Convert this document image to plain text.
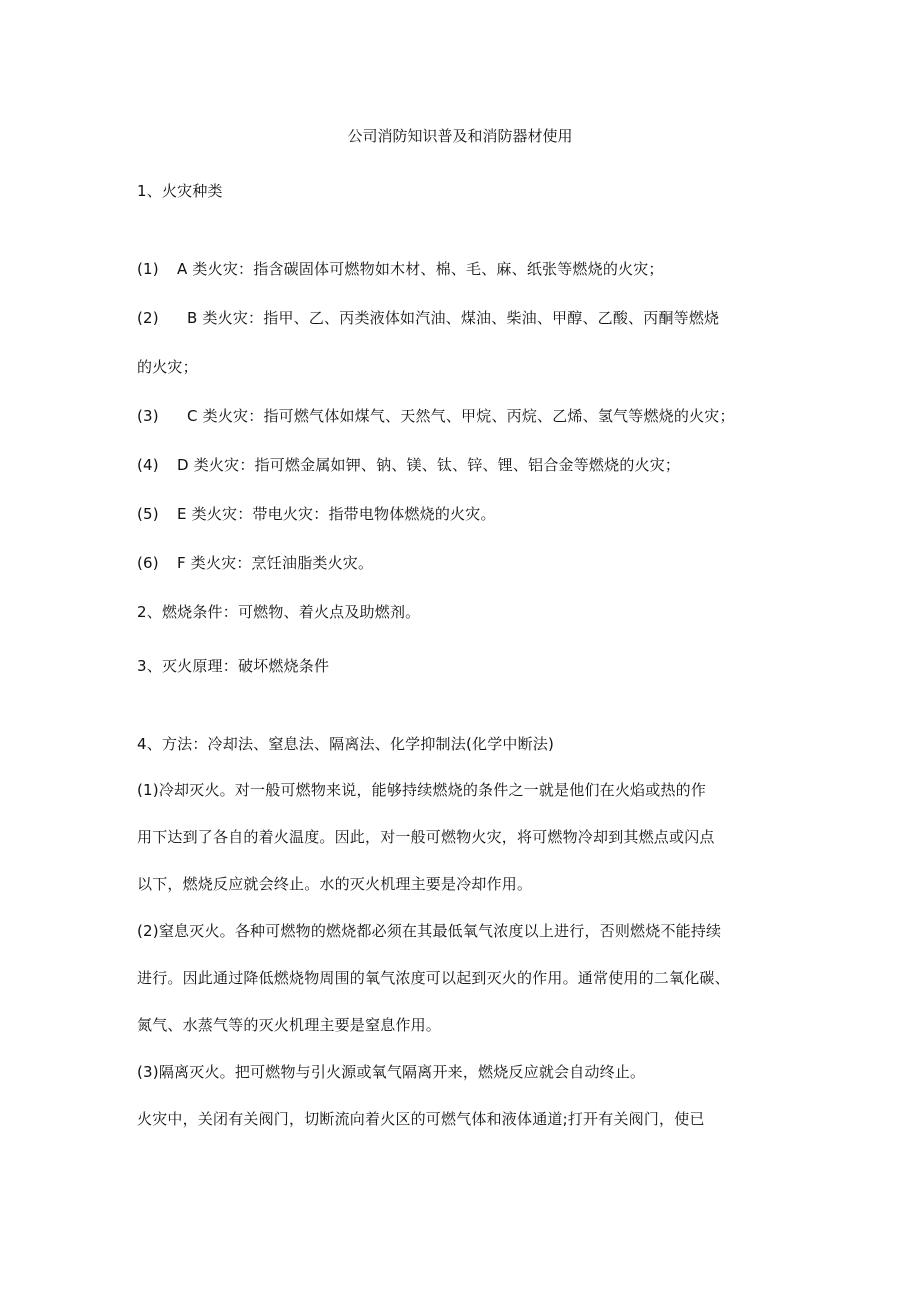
公司消防知识普及和消防器材使用
1、火灾种类
(1) A 类火灾：指含碳固体可燃物如木材、棉、毛、麻、纸张等燃烧的火灾；
(2) B 类火灾：指甲、乙、丙类液体如汽油、煤油、柴油、甲醇、乙酸、丙酮等燃烧
的火灾；
(3) C 类火灾：指可燃气体如煤气、天然气、甲烷、丙烷、乙烯、氢气等燃烧的火灾；
(4) D 类火灾：指可燃金属如钾、钠、镁、钛、锌、锂、铝合金等燃烧的火灾；
(5) E 类火灾：带电火灾：指带电物体燃烧的火灾。
(6) F 类火灾：烹饪油脂类火灾。
2、燃烧条件：可燃物、着火点及助燃剂。
3、灭火原理：破坏燃烧条件
4、方法：冷却法、窒息法、隔离法、化学抑制法(化学中断法)
(1)冷却灭火。对一般可燃物来说，能够持续燃烧的条件之一就是他们在火焰或热的作
用下达到了各自的着火温度。因此，对一般可燃物火灾，将可燃物冷却到其燃点或闪点
以下，燃烧反应就会终止。水的灭火机理主要是冷却作用。
(2)窒息灭火。各种可燃物的燃烧都必须在其最低氧气浓度以上进行，否则燃烧不能持续
进行。因此通过降低燃烧物周围的氧气浓度可以起到灭火的作用。通常使用的二氧化碳、
氮气、水蒸气等的灭火机理主要是窒息作用。
(3)隔离灭火。把可燃物与引火源或氧气隔离开来，燃烧反应就会自动终止。
火灾中，关闭有关阀门，切断流向着火区的可燃气体和液体通道;打开有关阀门，使已
